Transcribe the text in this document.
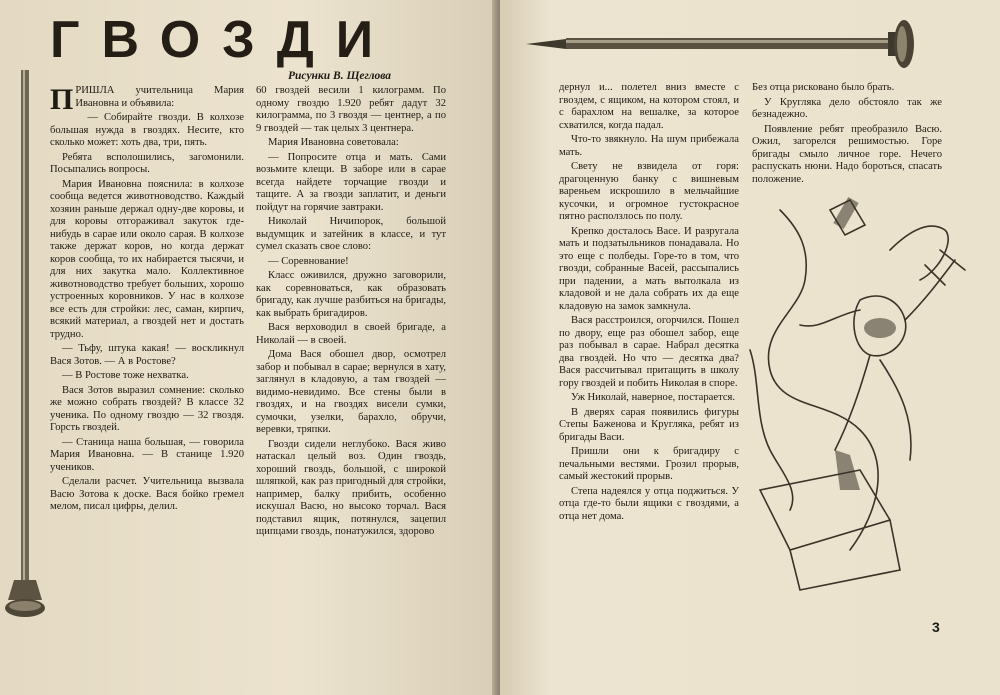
ГВОЗДИ

Рисунки В. Щеглова

ПРИШЛА учительница Мария Ивановна и объявила:

— Собирайте гвозди. В колхозе большая нужда в гвоздях. Несите, кто сколько может: хоть два, три, пять.

Ребята всполошились, загомонили. Посыпались вопросы.

Мария Ивановна пояснила: в колхозе сообща ведется животноводство. Каждый хозяин раньше держал одну-две коровы, и для коровы отгораживал закуток где-нибудь в сарае или около сарая. В колхозе также держат коров, но когда держат коров сообща, то их набирается тысячи, и для них закутка мало. Коллективное животноводство требует больших, хорошо устроенных коровников. У нас в колхозе все есть для стройки: лес, саман, кирпич, всякий материал, а гвоздей нет и достать трудно.

— Тьфу, штука какая! — воскликнул Вася Зотов. — А в Ростове?

— В Ростове тоже нехватка.

Вася Зотов выразил сомнение: сколько же можно собрать гвоздей? В классе 32 ученика. По одному гвоздю — 32 гвоздя. Горсть гвоздей.

— Станица наша большая, — говорила Мария Ивановна. — В станице 1.920 учеников.

Сделали расчет. Учительница вызвала Васю Зотова к доске. Вася бойко гремел мелом, писал цифры, делил.

60 гвоздей весили 1 килограмм. По одному гвоздю 1.920 ребят дадут 32 килограмма, по 3 гвоздя — центнер, а по 9 гвоздей — так целых 3 центнера.

Мария Ивановна советовала:

— Попросите отца и мать. Сами возьмите клещи. В заборе или в сарае всегда найдете торчащие гвозди и тащите. А за гвозди заплатит, и деньги пойдут на горячие завтраки.

Николай Ничипорок, большой выдумщик и затейник в классе, и тут сумел сказать свое слово:

— Соревнование!

Класс оживился, дружно заговорили, как соревноваться, как образовать бригаду, как лучше разбиться на бригады, как выбрать бригадиров.

Вася верховодил в своей бригаде, а Николай — в своей.

Дома Вася обошел двор, осмотрел забор и побывал в сарае; вернулся в хату, заглянул в кладовую, а там гвоздей — видимо-невидимо. Все стены были в гвоздях, и на гвоздях висели сумки, сумочки, узелки, барахло, обручи, веревки, тряпки.

Гвозди сидели неглубоко. Вася живо натаскал целый воз. Один гвоздь, хороший гвоздь, большой, с широкой шляпкой, как раз пригодный для стройки, например, балку прибить, особенно искушал Васю, но высоко торчал. Вася подставил ящик, потянулся, зацепил щипцами гвоздь, понатужился, здорово

дернул и... полетел вниз вместе с гвоздем, с ящиком, на котором стоял, и с барахлом на вешалке, за которое схватился, когда падал.

Что-то звякнуло. На шум прибежала мать.

Свету не взвидела от горя: драгоценную банку с вишневым вареньем искрошило в мельчайшие кусочки, и огромное густокрасное пятно расползлось по полу.

Крепко досталось Васе. И разругала мать и подзатыльников понадавала. Но это еще с полбеды. Горе-то в том, что гвозди, собранные Васей, рассыпались при падении, а мать вытолкала из кладовой и не дала собрать их да еще кладовую на замок замкнула.

Вася расстроился, огорчился. Пошел по двору, еще раз обошел забор, еще раз побывал в сарае. Набрал десятка два гвоздей. Но что — десятка два? Вася рассчитывал притащить в школу гору гвоздей и побить Николая в споре.

Уж Николай, наверное, постарается.

В дверях сарая появились фигуры Степы Баженова и Кругляка, ребят из бригады Васи.

Пришли они к бригадиру с печальными вестями. Грозил прорыв, самый жестокий прорыв.

Степа надеялся у отца поджиться. У отца где-то были ящики с гвоздями, а отца нет дома.

Без отца рисковано было брать.

У Кругляка дело обстояло так же безнадежно.

Появление ребят преобразило Васю. Ожил, загорелся решимостью. Горе бригады смыло личное горе. Нечего распускать нюни. Надо бороться, спасать положение.

3
